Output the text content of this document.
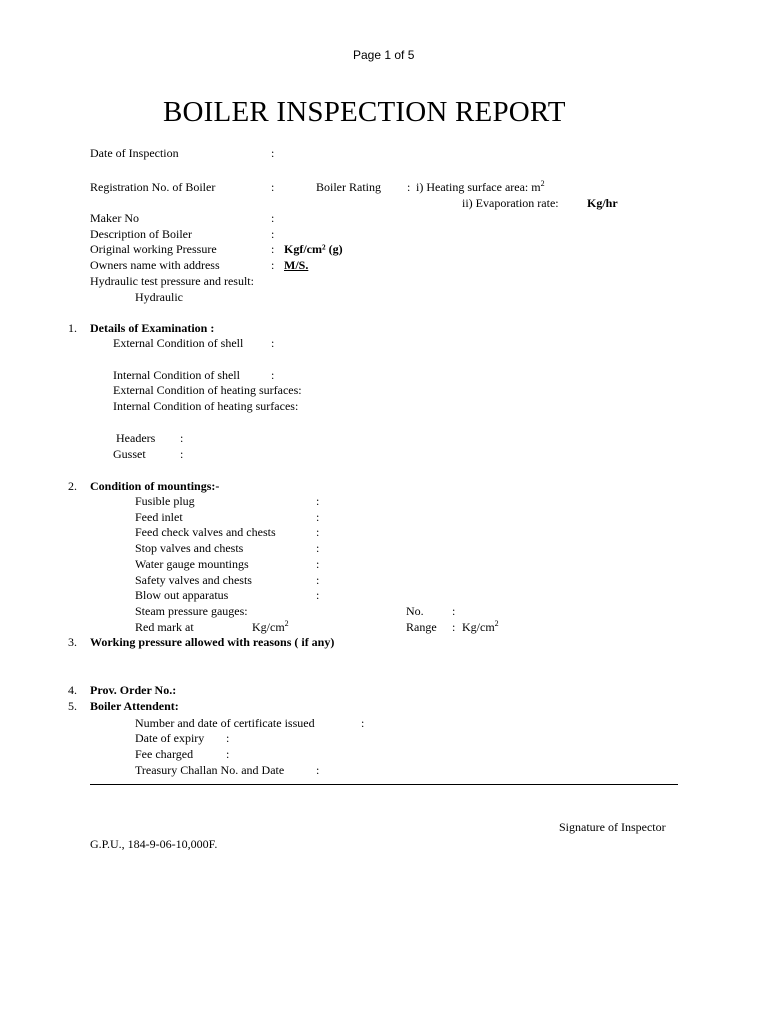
Page 1 of 5
BOILER INSPECTION REPORT
Date of Inspection	:
Registration No. of Boiler	:	Boiler Rating : i) Heating surface area: $m^2$
ii) Evaporation rate: Kg/hr
Maker No	:
Description of Boiler	:
Original working Pressure	: Kgf/cm² (g)
Owners name with address	: M/S.
Hydraulic test pressure and result:
Hydraulic
1. Details of Examination :
External Condition of shell :
Internal Condition of shell	:
External Condition of heating surfaces:
Internal Condition of heating surfaces:
Headers :
Gusset	:
2. Condition of mountings:-
Fusible plug	:
Feed inlet	:
Feed check valves and chests	:
Stop valves and chests	:
Water gauge mountings	:
Safety valves and chests	:
Blow out apparatus	:
Steam pressure gauges:	No. :
Red mark at	$Kg/cm^2$	Range : $Kg/cm^2$
3. Working pressure allowed with reasons ( if any)
4. Prov. Order No.:
5. Boiler Attendent:
Number and date of certificate issued	:
Date of expiry :
Fee charged	:
Treasury Challan No. and Date	:
Signature of Inspector
G.P.U., 184-9-06-10,000F.
